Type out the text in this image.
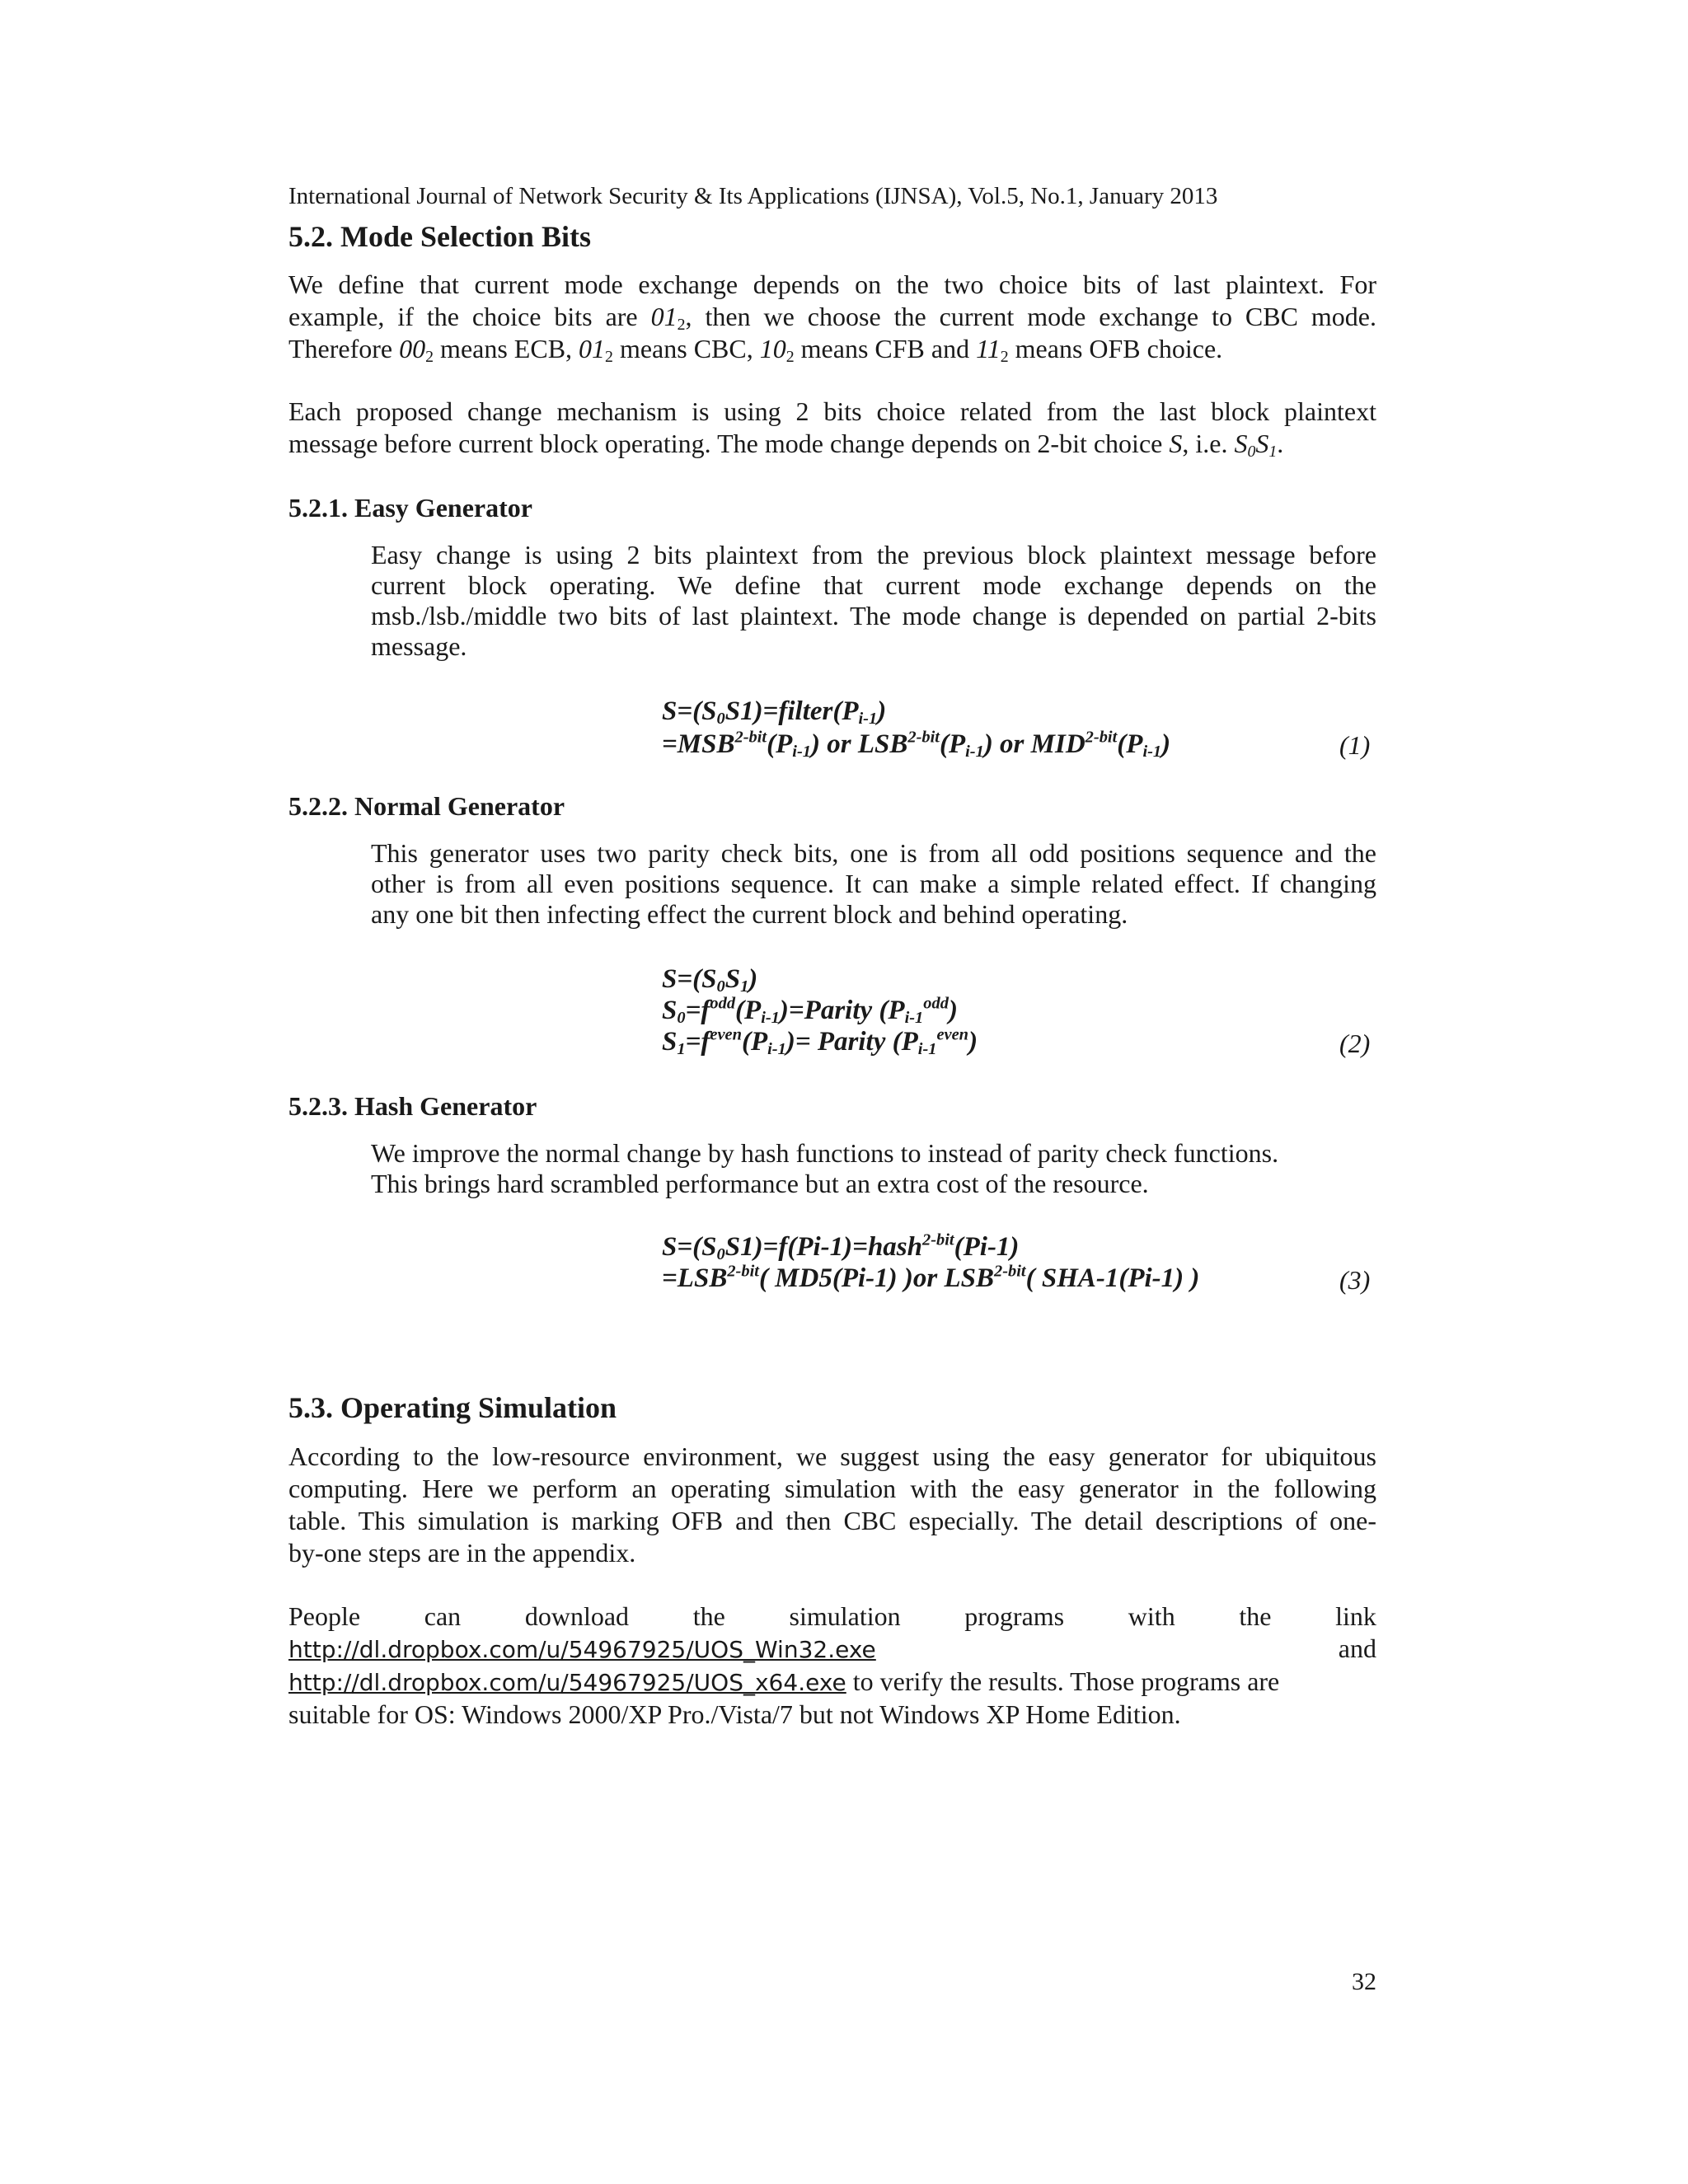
International Journal of Network Security & Its Applications (IJNSA), Vol.5, No.1, January 2013
5.2. Mode Selection Bits
We define that current mode exchange depends on the two choice bits of last plaintext. For
example, if the choice bits are $01_2$, then we choose the current mode exchange to CBC mode.
Therefore $00_2$ means ECB, $01_2$ means CBC, $10_2$ means CFB and $11_2$ means OFB choice.
Each proposed change mechanism is using 2 bits choice related from the last block plaintext
message before current block operating. The mode change depends on 2-bit choice S, i.e. $S_0S_1$.
5.2.1. Easy Generator
Easy change is using 2 bits plaintext from the previous block plaintext message before
current block operating. We define that current mode exchange depends on the
msb./lsb./middle two bits of last plaintext. The mode change is depended on partial 2-bits
message.
$S=(S_0S1)=filter(P_{i-1})$
$=MSB^{2-bit}(P_{i-1})$ or $LSB^{2-bit}(P_{i-1})$ or $MID^{2-bit}(P_{i-1})$	(1)
5.2.2. Normal Generator
This generator uses two parity check bits, one is from all odd positions sequence and the
other is from all even positions sequence. It can make a simple related effect. If changing
any one bit then infecting effect the current block and behind operating.
$S=(S_0S_1)$
$S_0=f^{odd}(P_{i-1})=Parity$ $(P_{i-1}^{odd})$
$S_1=f^{even}(P_{i-1})=$ Parity $(P_{i-1}^{even})$	(2)
5.2.3. Hash Generator
We improve the normal change by hash functions to instead of parity check functions.
This brings hard scrambled performance but an extra cost of the resource.
$S=(S_0S1)=f(Pi-1)=hash^{2-bit}(Pi-1)$
$=LSB^{2-bit}$( MD5(Pi-1) )or $LSB^{2-bit}$( SHA-1(Pi-1) )	(3)
5.3. Operating Simulation
According to the low-resource environment, we suggest using the easy generator for ubiquitous
computing. Here we perform an operating simulation with the easy generator in the following
table. This simulation is marking OFB and then CBC especially. The detail descriptions of one-
by-one steps are in the appendix.
People can download the simulation programs with the link
http://dl.dropbox.com/u/54967925/UOS_Win32.exe	and
http://dl.dropbox.com/u/54967925/UOS_x64.exe to verify the results. Those programs are
suitable for OS: Windows 2000/XP Pro./Vista/7 but not Windows XP Home Edition.
32
